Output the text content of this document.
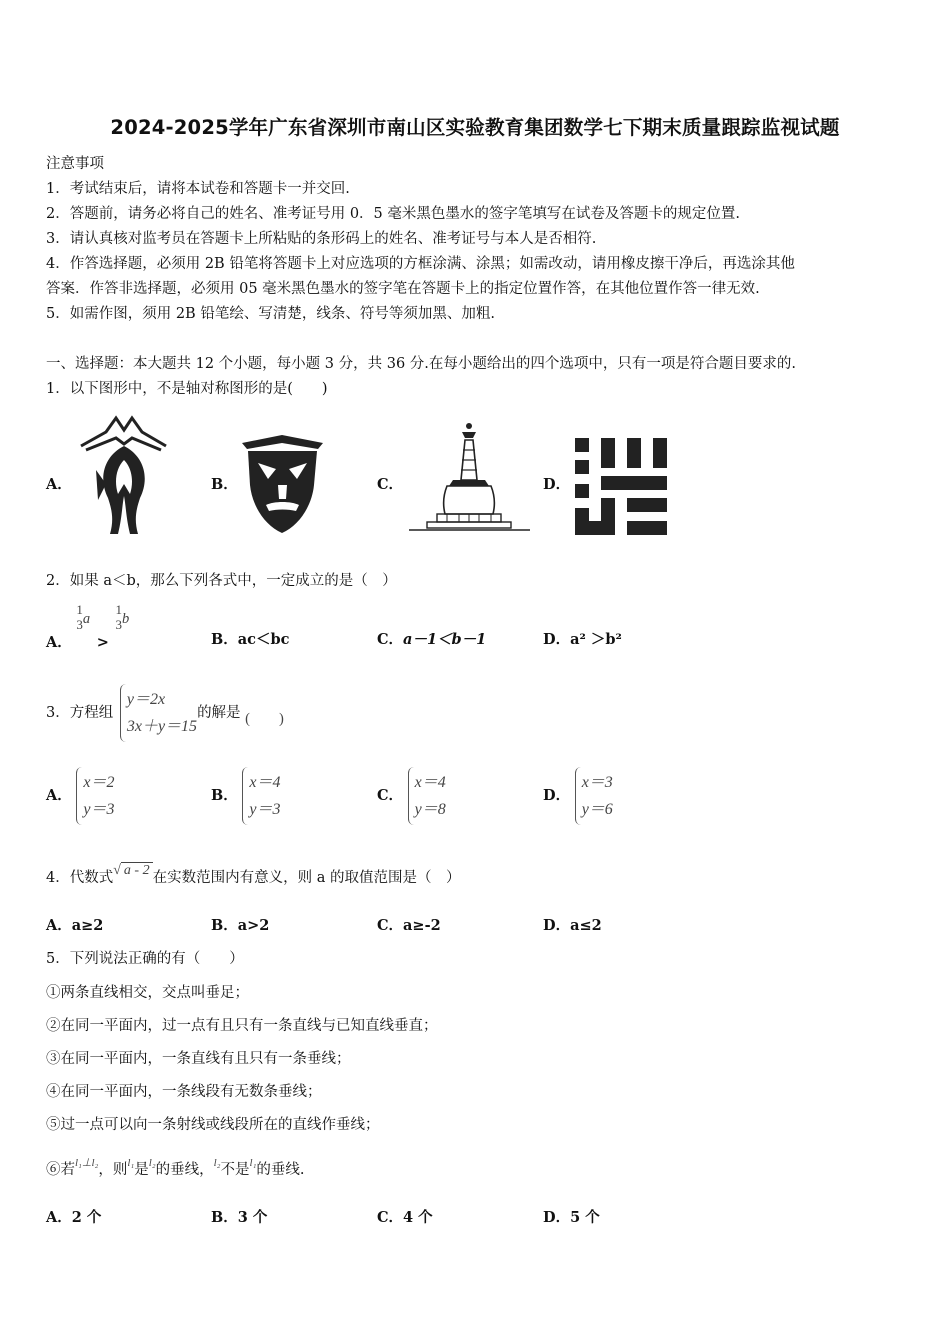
2024-2025学年广东省深圳市南山区实验教育集团数学七下期末质量跟踪监视试题
注意事项
1．考试结束后，请将本试卷和答题卡一并交回.
2．答题前，请务必将自己的姓名、准考证号用 0．5 毫米黑色墨水的签字笔填写在试卷及答题卡的规定位置.
3．请认真核对监考员在答题卡上所粘贴的条形码上的姓名、准考证号与本人是否相符.
4．作答选择题，必须用 2B 铅笔将答题卡上对应选项的方框涂满、涂黑；如需改动，请用橡皮擦干净后，再选涂其他
答案．作答非选择题，必须用 05 毫米黑色墨水的签字笔在答题卡上的指定位置作答，在其他位置作答一律无效.
5．如需作图，须用 2B 铅笔绘、写清楚，线条、符号等须加黑、加粗.
一、选择题：本大题共 12 个小题，每小题 3 分，共 36 分.在每小题给出的四个选项中，只有一项是符合题目要求的.
1．以下图形中，不是轴对称图形的是(　　)
A．	B．	C．	D．
2．如果 a＜b，那么下列各式中，一定成立的是（　）
A． 1
3a > 1
3b
B．ac＜bc	C．a－1＜b－1	D．a² ＞b²
3．方程组 y＝2x
3x＋y＝15的解是 (　　)
A． x＝2
y＝3
B． x＝4
y＝3
C． x＝4
y＝8
D． x＝3
y＝6
4．代数式√ a - 2 在实数范围内有意义，则 a 的取值范围是（　）
A．a≥2	B．a>2	C．a≥-2	D．a≤2
5．下列说法正确的有（　　）
①两条直线相交，交点叫垂足；
②在同一平面内，过一点有且只有一条直线与已知直线垂直；
③在同一平面内，一条直线有且只有一条垂线；
④在同一平面内，一条线段有无数条垂线；
⑤过一点可以向一条射线或线段所在的直线作垂线；
⑥若$^{l_1\perp l_2}$，则$^{l_1}$是$^{l_2}$的垂线，$^{l_2}$不是$^{l_1}$的垂线.
A．2 个	B．3 个	C．4 个	D．5 个
